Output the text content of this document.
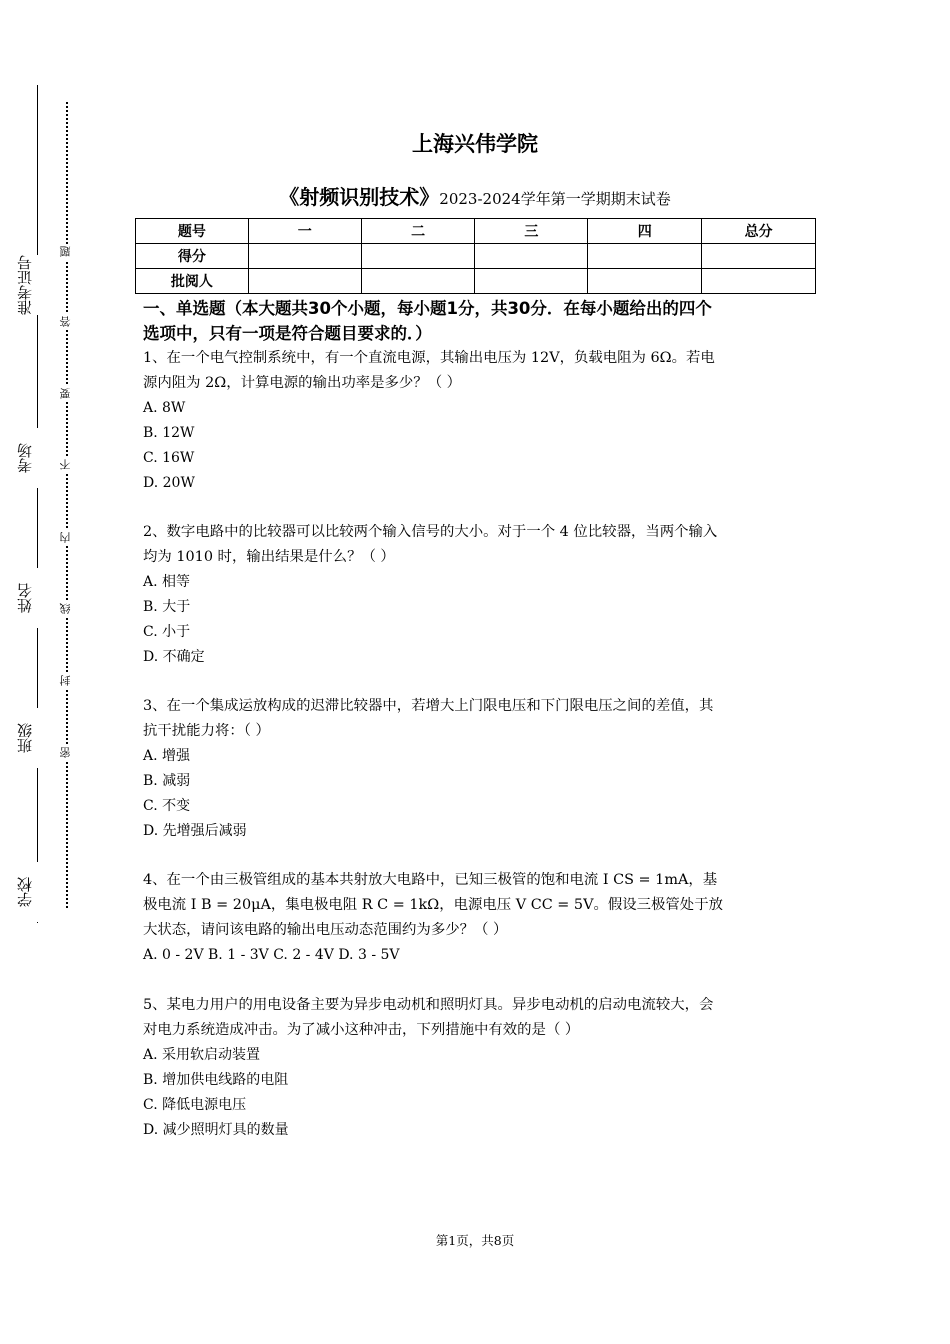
准考证号
考场
姓名
班级
学校
题
答
要
不
内
线
封
密
上海兴伟学院
《射频识别技术》2023-2024学年第一学期期末试卷
题号	一	二	三	四	总分
得分					
批阅人					
一、单选题（本大题共30个小题，每小题1分，共30分．在每小题给出的四个
选项中，只有一项是符合题目要求的．）
1、在一个电气控制系统中，有一个直流电源，其输出电压为 12V，负载电阻为 6Ω。若电
源内阻为 2Ω，计算电源的输出功率是多少？（ ）
A. 8W
B. 12W
C. 16W
D. 20W
2、数字电路中的比较器可以比较两个输入信号的大小。对于一个 4 位比较器，当两个输入
均为 1010 时，输出结果是什么？（ ）
A. 相等
B. 大于
C. 小于
D. 不确定
3、在一个集成运放构成的迟滞比较器中，若增大上门限电压和下门限电压之间的差值，其
抗干扰能力将：（ ）
A. 增强
B. 减弱
C. 不变
D. 先增强后减弱
4、在一个由三极管组成的基本共射放大电路中，已知三极管的饱和电流 I CS = 1mA，基
极电流 I B = 20μA，集电极电阻 R C = 1kΩ，电源电压 V CC = 5V。假设三极管处于放
大状态，请问该电路的输出电压动态范围约为多少？（ ）
A. 0 - 2V B. 1 - 3V C. 2 - 4V D. 3 - 5V
5、某电力用户的用电设备主要为异步电动机和照明灯具。异步电动机的启动电流较大，会
对电力系统造成冲击。为了减小这种冲击，下列措施中有效的是（ ）
A. 采用软启动装置
B. 增加供电线路的电阻
C. 降低电源电压
D. 减少照明灯具的数量
第1页，共8页
